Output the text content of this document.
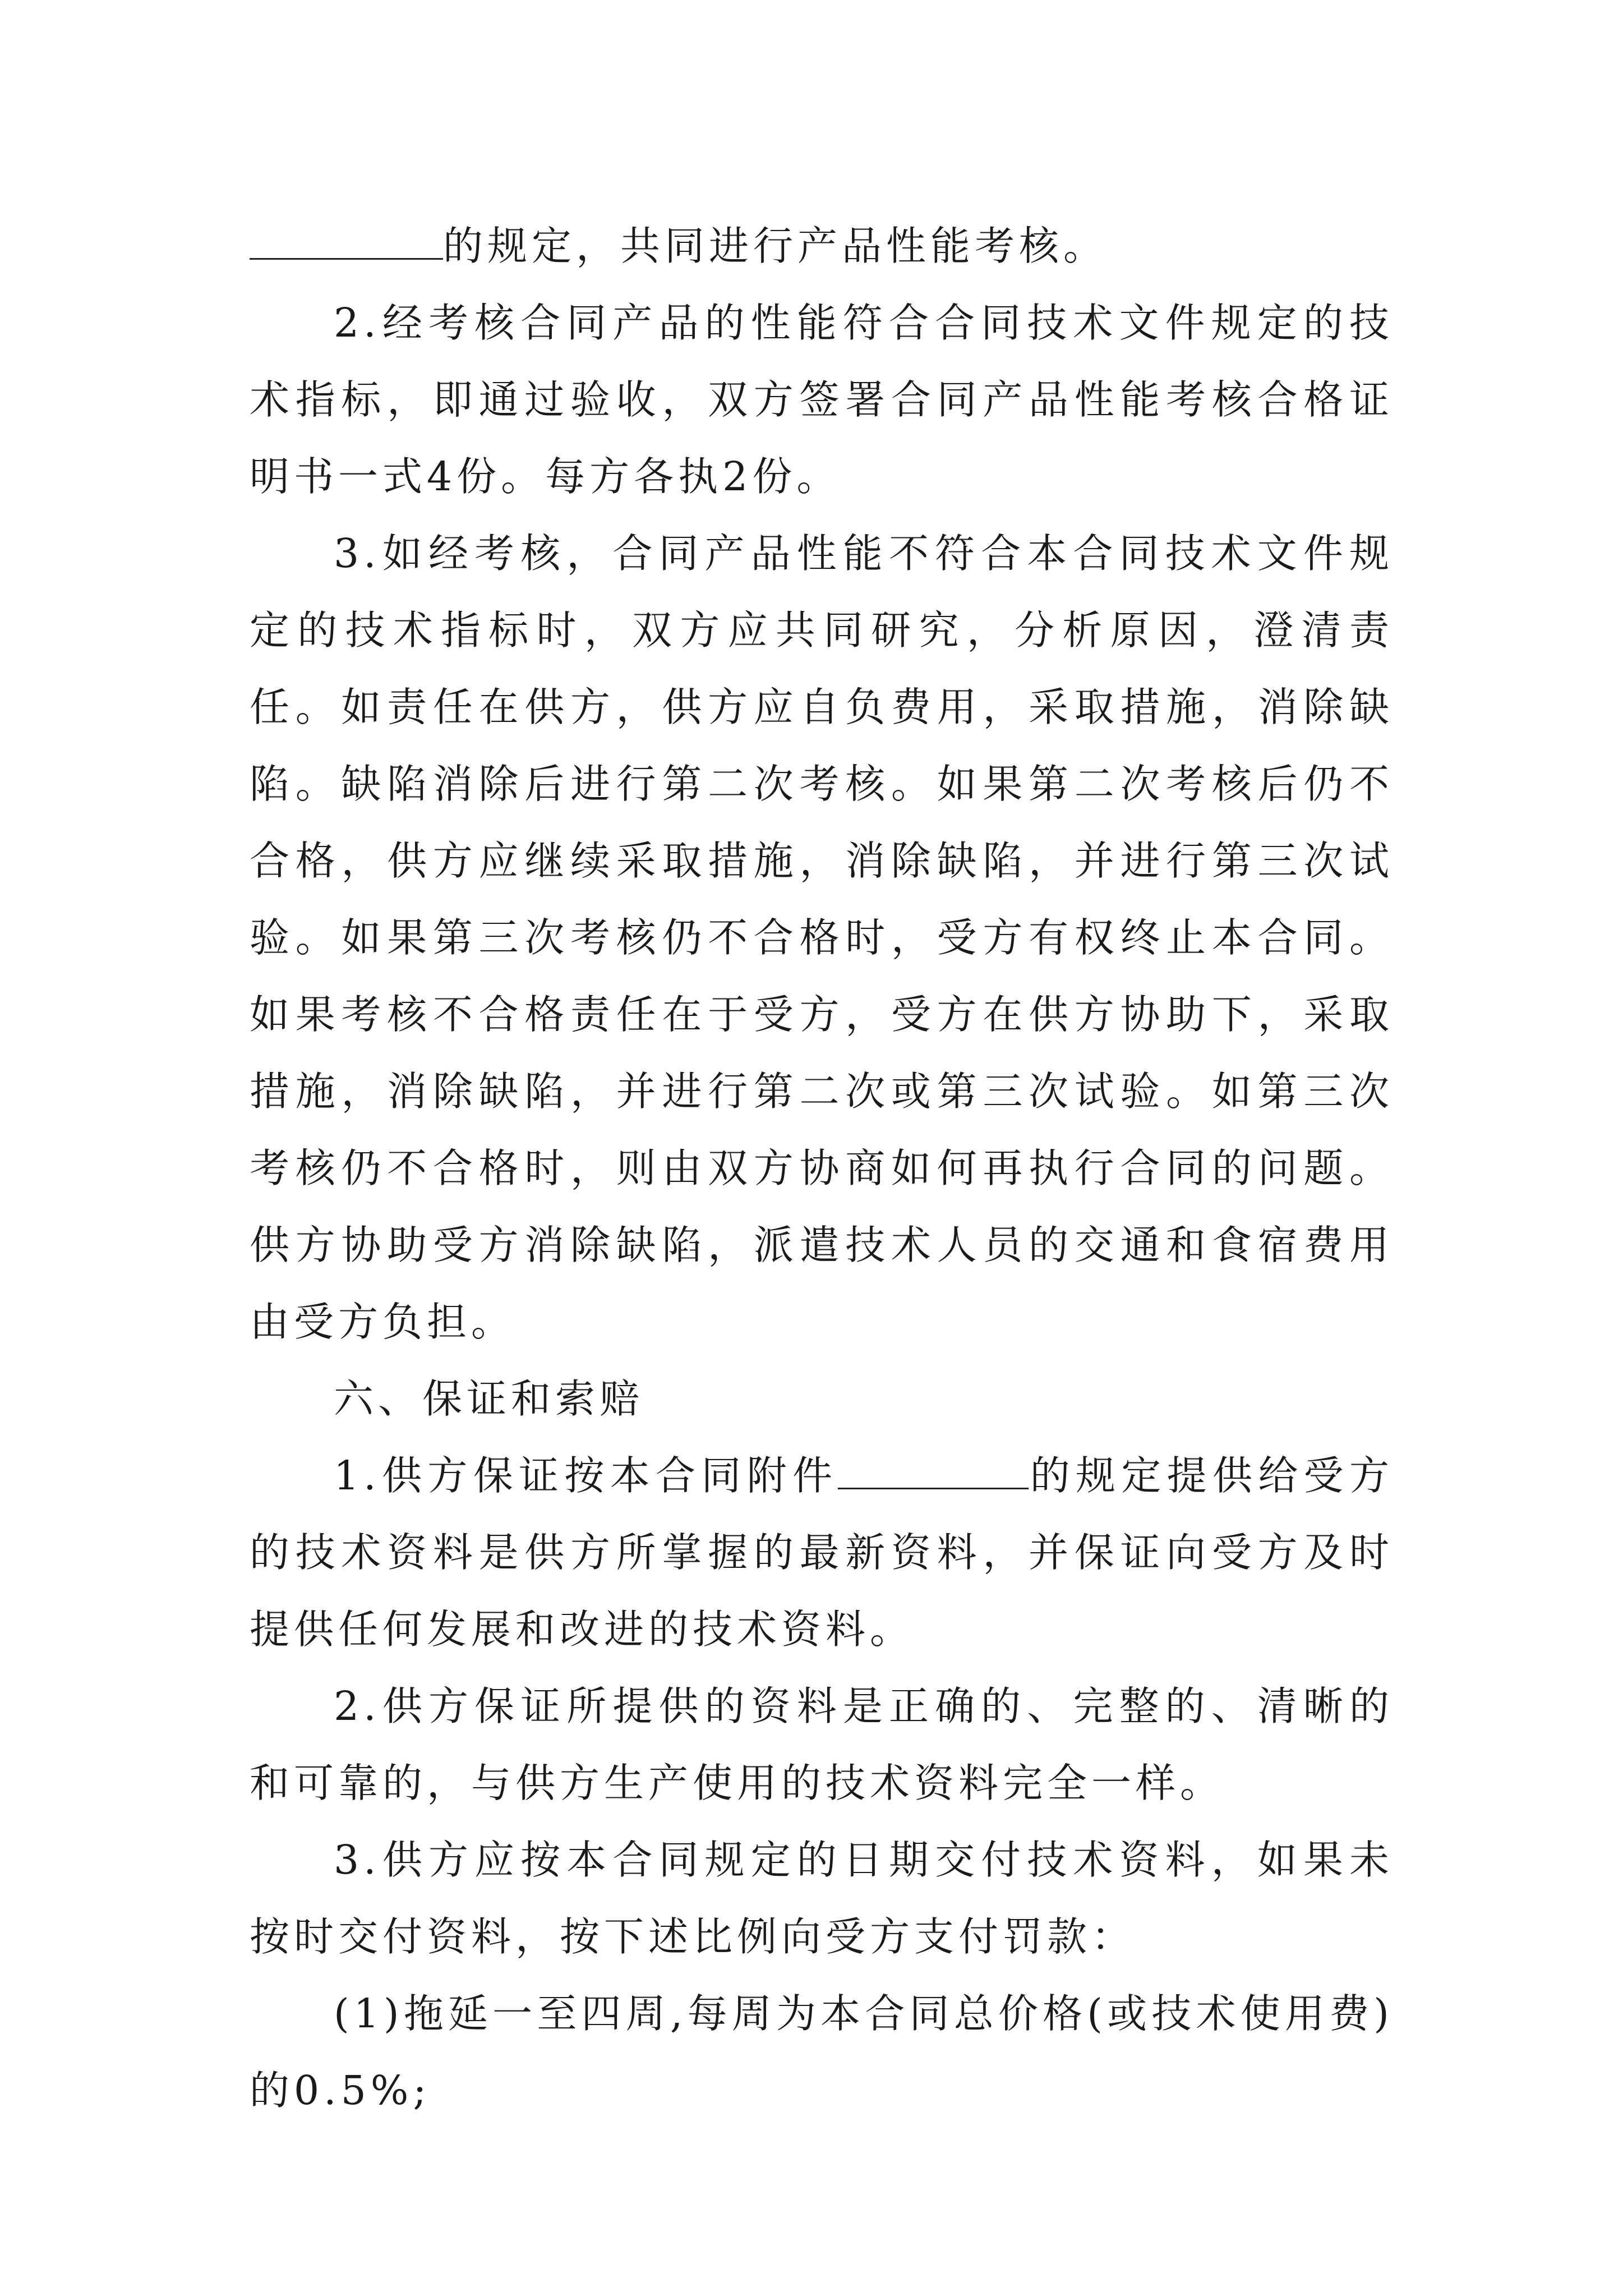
的规定，共同进行产品性能考核。

2.经考核合同产品的性能符合合同技术文件规定的技术指标，即通过验收，双方签署合同产品性能考核合格证明书一式4份。每方各执2份。

3.如经考核，合同产品性能不符合本合同技术文件规定的技术指标时，双方应共同研究，分析原因，澄清责任。如责任在供方，供方应自负费用，采取措施，消除缺陷。缺陷消除后进行第二次考核。如果第二次考核后仍不合格，供方应继续采取措施，消除缺陷，并进行第三次试验。如果第三次考核仍不合格时，受方有权终止本合同。如果考核不合格责任在于受方，受方在供方协助下，采取措施，消除缺陷，并进行第二次或第三次试验。如第三次考核仍不合格时，则由双方协商如何再执行合同的问题。供方协助受方消除缺陷，派遣技术人员的交通和食宿费用由受方负担。

六、保证和索赔

1.供方保证按本合同附件	的规定提供给受方的技术资料是供方所掌握的最新资料，并保证向受方及时提供任何发展和改进的技术资料。

2.供方保证所提供的资料是正确的、完整的、清晰的和可靠的，与供方生产使用的技术资料完全一样。

3.供方应按本合同规定的日期交付技术资料，如果未按时交付资料，按下述比例向受方支付罚款：

(1)拖延一至四周,每周为本合同总价格(或技术使用费)的0.5%;
